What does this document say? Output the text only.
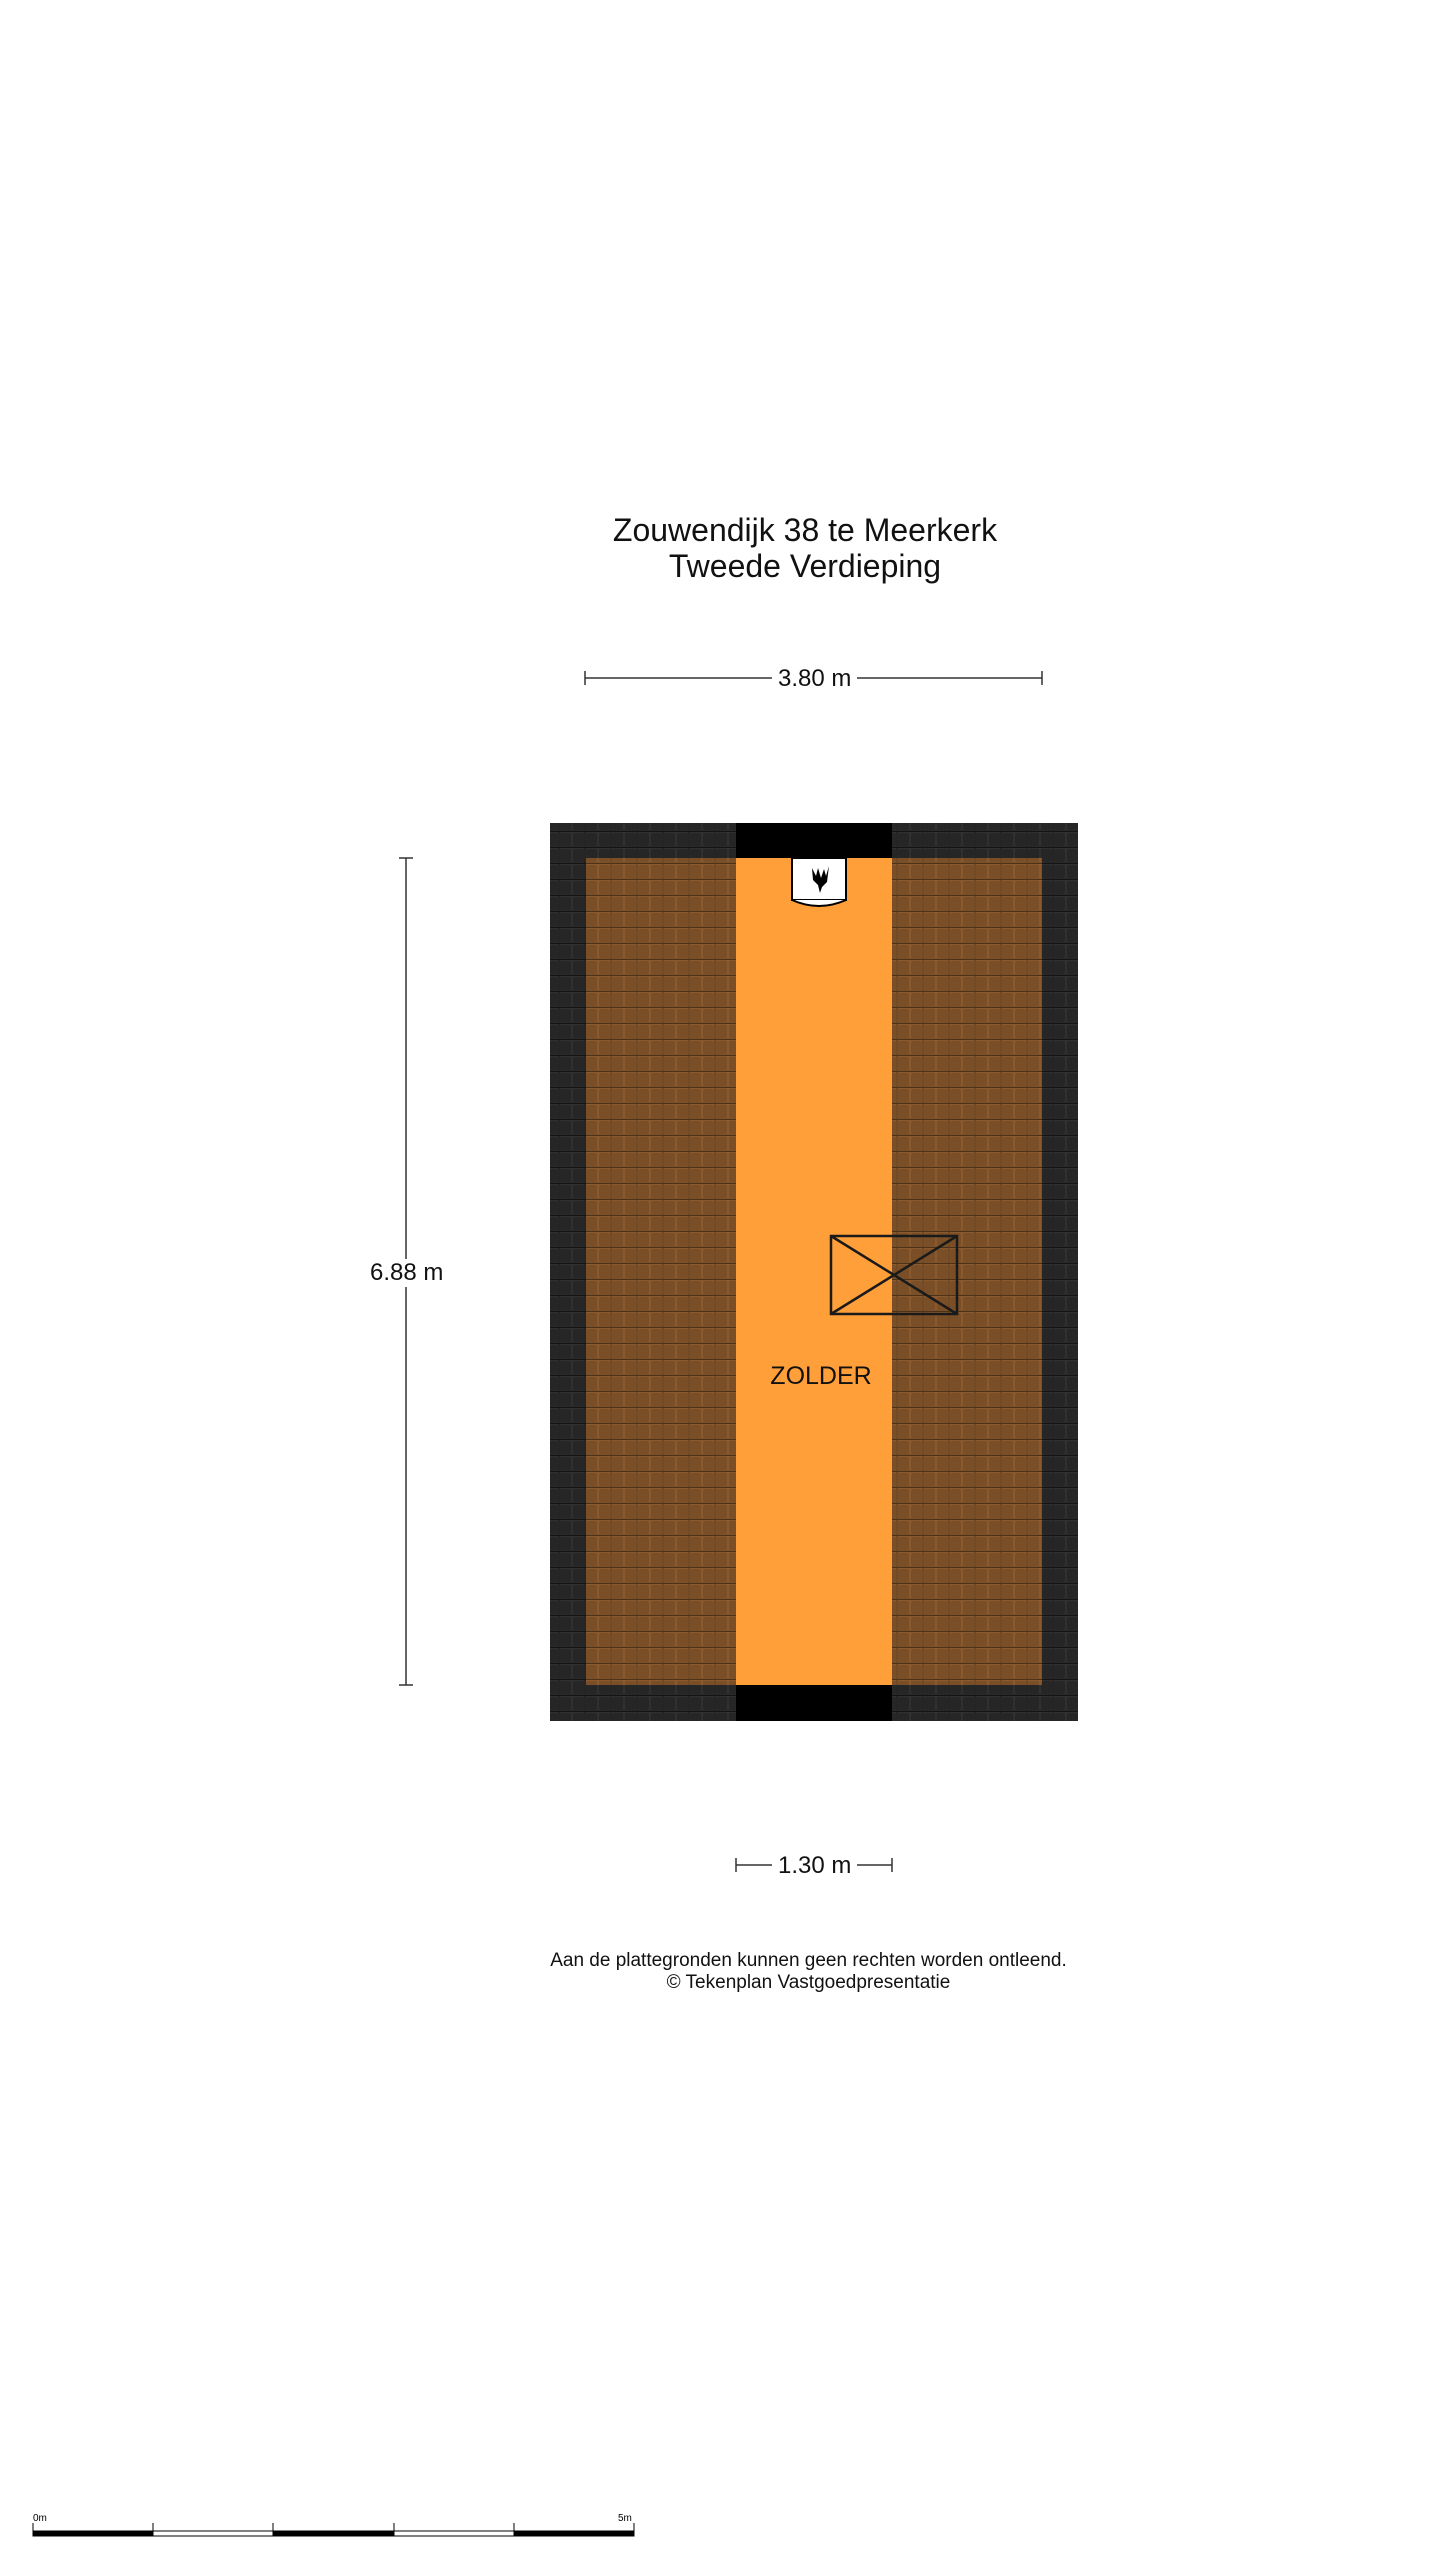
Zouwendijk 38 te Meerkerk
Tweede Verdieping
0m	5m
ZOLDER
3.80 m
6.88 m
1.30 m
Aan de plattegronden kunnen geen rechten worden ontleend.
© Tekenplan Vastgoedpresentatie
